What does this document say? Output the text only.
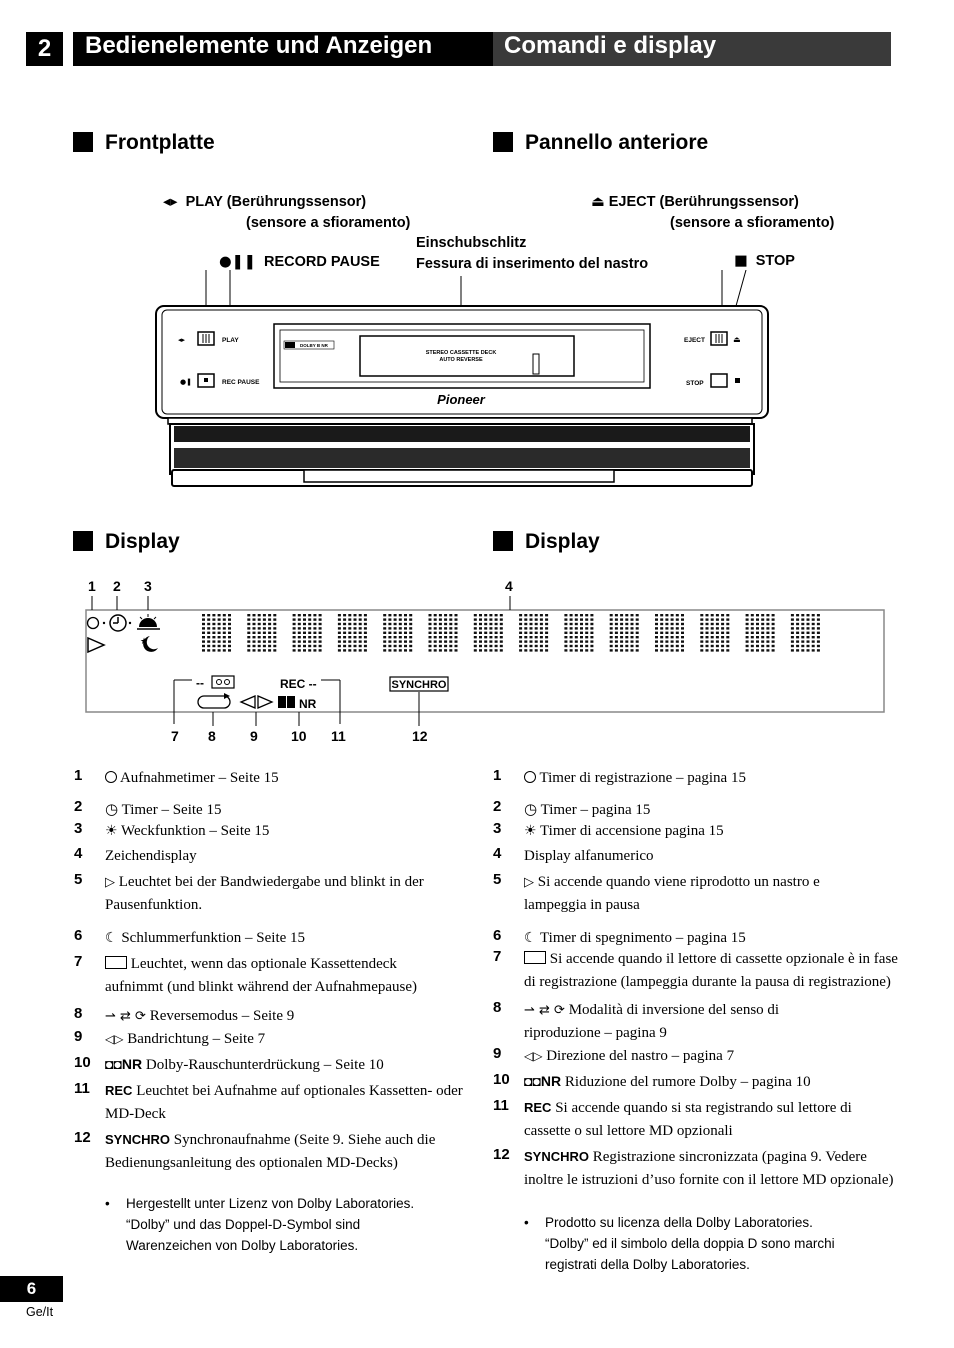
2	Bedienelemente und Anzeigen	Comandi e display
Frontplatte	Pannello anteriore
◂▸ PLAY (Berührungssensor)
(sensore a sfioramento)
⏏ EJECT (Berührungssensor)
(sensore a sfioramento)
Einschubschlitz
Fessura di inserimento del nastro
●❚❚ RECORD PAUSE	■ STOP
STEREO CASSETTE DECK
AUTO REVERSE
DOLBY B NR
◂▸	PLAY
●❚	REC PAUSE
EJECT	⏏
STOP
Pioneer
Display	Display
1 2 3	4
7 8 9 10 11	12
★
--
NR
REC --	SYNCHRO
1	Aufnahmetimer – Seite 15
2 ◷ Timer – Seite 15
3 ☀ Weckfunktion – Seite 15
4 Zeichendisplay
5 ▷ Leuchtet bei der Bandwiedergabe und blinkt in der
Pausenfunktion.
6 ☾ Schlummerfunktion – Seite 15
7	Leuchtet, wenn das optionale Kassettendeck
aufnimmt (und blinkt während der Aufnahmepause)
8 ⇀ ⇄ ⟳ Reversemodus – Seite 9
9 ◁▷ Bandrichtung – Seite 7
10 ◘◘NR Dolby-Rauschunterdrückung – Seite 10
11 REC Leuchtet bei Aufnahme auf optionales Kassetten- oder
MD-Deck
12 SYNCHRO Synchronaufnahme (Seite 9. Siehe auch die
Bedienungsanleitung des optionalen MD-Decks)
1	Timer di registrazione – pagina 15
2 ◷ Timer – pagina 15
3 ☀ Timer di accensione pagina 15
4 Display alfanumerico
5 ▷ Si accende quando viene riprodotto un nastro e
lampeggia in pausa
6 ☾ Timer di spegnimento – pagina 15
7	Si accende quando il lettore di cassette opzionale è in fase
di registrazione (lampeggia durante la pausa di registrazione)
8 ⇀ ⇄ ⟳ Modalità di inversione del senso di
riproduzione – pagina 9
9 ◁▷ Direzione del nastro – pagina 7
10 ◘◘NR Riduzione del rumore Dolby – pagina 10
11 REC Si accende quando si sta registrando sul lettore di
cassette o sul lettore MD opzionali
12 SYNCHRO Registrazione sincronizzata (pagina 9. Vedere
inoltre le istruzioni d’uso fornite con il lettore MD opzionale)
• Hergestellt unter Lizenz von Dolby Laboratories.
“Dolby” und das Doppel-D-Symbol sind
Warenzeichen von Dolby Laboratories.
• Prodotto su licenza della Dolby Laboratories.
“Dolby” ed il simbolo della doppia D sono marchi
registrati della Dolby Laboratories.
6
Ge/It
